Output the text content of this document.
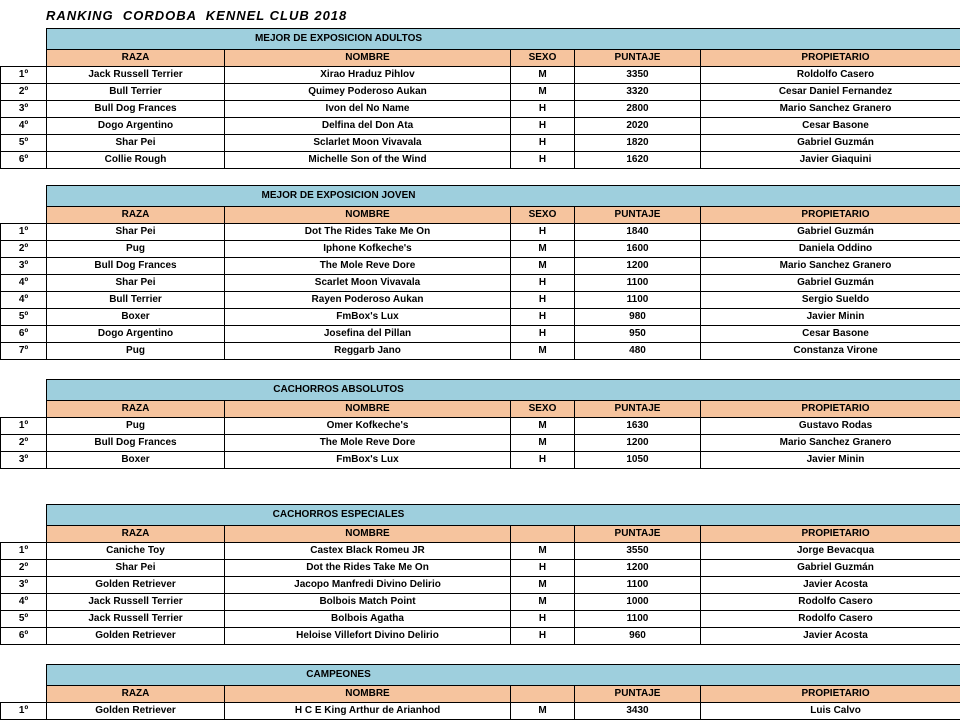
RANKING  CORDOBA  KENNEL CLUB 2018
	MEJOR DE EXPOSICION ADULTOS				
	RAZA	NOMBRE	SEXO	PUNTAJE	PROPIETARIO
1º	Jack Russell Terrier	Xirao Hraduz Pihlov	M	3350	Roldolfo Casero
2º	Bull Terrier	Quimey Poderoso Aukan	M	3320	Cesar Daniel Fernandez
3º	Bull Dog Frances	Ivon del No Name	H	2800	Mario Sanchez Granero
4º	Dogo Argentino	Delfina del Don Ata	H	2020	Cesar Basone
5º	Shar Pei	Sclarlet Moon Vivavala	H	1820	Gabriel Guzmán
6º	Collie Rough	Michelle Son of the Wind	H	1620	Javier Giaquini
	MEJOR DE EXPOSICION JOVEN				
	RAZA	NOMBRE	SEXO	PUNTAJE	PROPIETARIO
1º	Shar Pei	Dot The Rides Take Me On	H	1840	Gabriel Guzmán
2º	Pug	Iphone Kofkeche's	M	1600	Daniela Oddino
3º	Bull Dog Frances	The Mole Reve Dore	M	1200	Mario Sanchez Granero
4º	Shar Pei	Scarlet Moon Vivavala	H	1100	Gabriel Guzmán
4º	Bull Terrier	Rayen Poderoso Aukan	H	1100	Sergio Sueldo
5º	Boxer	FmBox's Lux	H	980	Javier Minin
6º	Dogo Argentino	Josefina del Pillan	H	950	Cesar Basone
7º	Pug	Reggarb Jano	M	480	Constanza Virone
	CACHORROS ABSOLUTOS				
	RAZA	NOMBRE	SEXO	PUNTAJE	PROPIETARIO
1º	Pug	Omer Kofkeche's	M	1630	Gustavo Rodas
2º	Bull Dog Frances	The Mole Reve Dore	M	1200	Mario Sanchez Granero
3º	Boxer	FmBox's Lux	H	1050	Javier Minin
	CACHORROS ESPECIALES				
	RAZA	NOMBRE		PUNTAJE	PROPIETARIO
1º	Caniche Toy	Castex Black Romeu JR	M	3550	Jorge Bevacqua
2º	Shar Pei	Dot the Rides Take Me On	H	1200	Gabriel Guzmán
3º	Golden Retriever	Jacopo Manfredi Divino Delirio	M	1100	Javier Acosta
4º	Jack Russell Terrier	Bolbois Match Point	M	1000	Rodolfo Casero
5º	Jack Russell Terrier	Bolbois Agatha	H	1100	Rodolfo Casero
6º	Golden Retriever	Heloise Villefort Divino Delirio	H	960	Javier Acosta
	CAMPEONES				
	RAZA	NOMBRE		PUNTAJE	PROPIETARIO
1º	Golden Retriever	H C E King Arthur de Arianhod	M	3430	Luis Calvo
